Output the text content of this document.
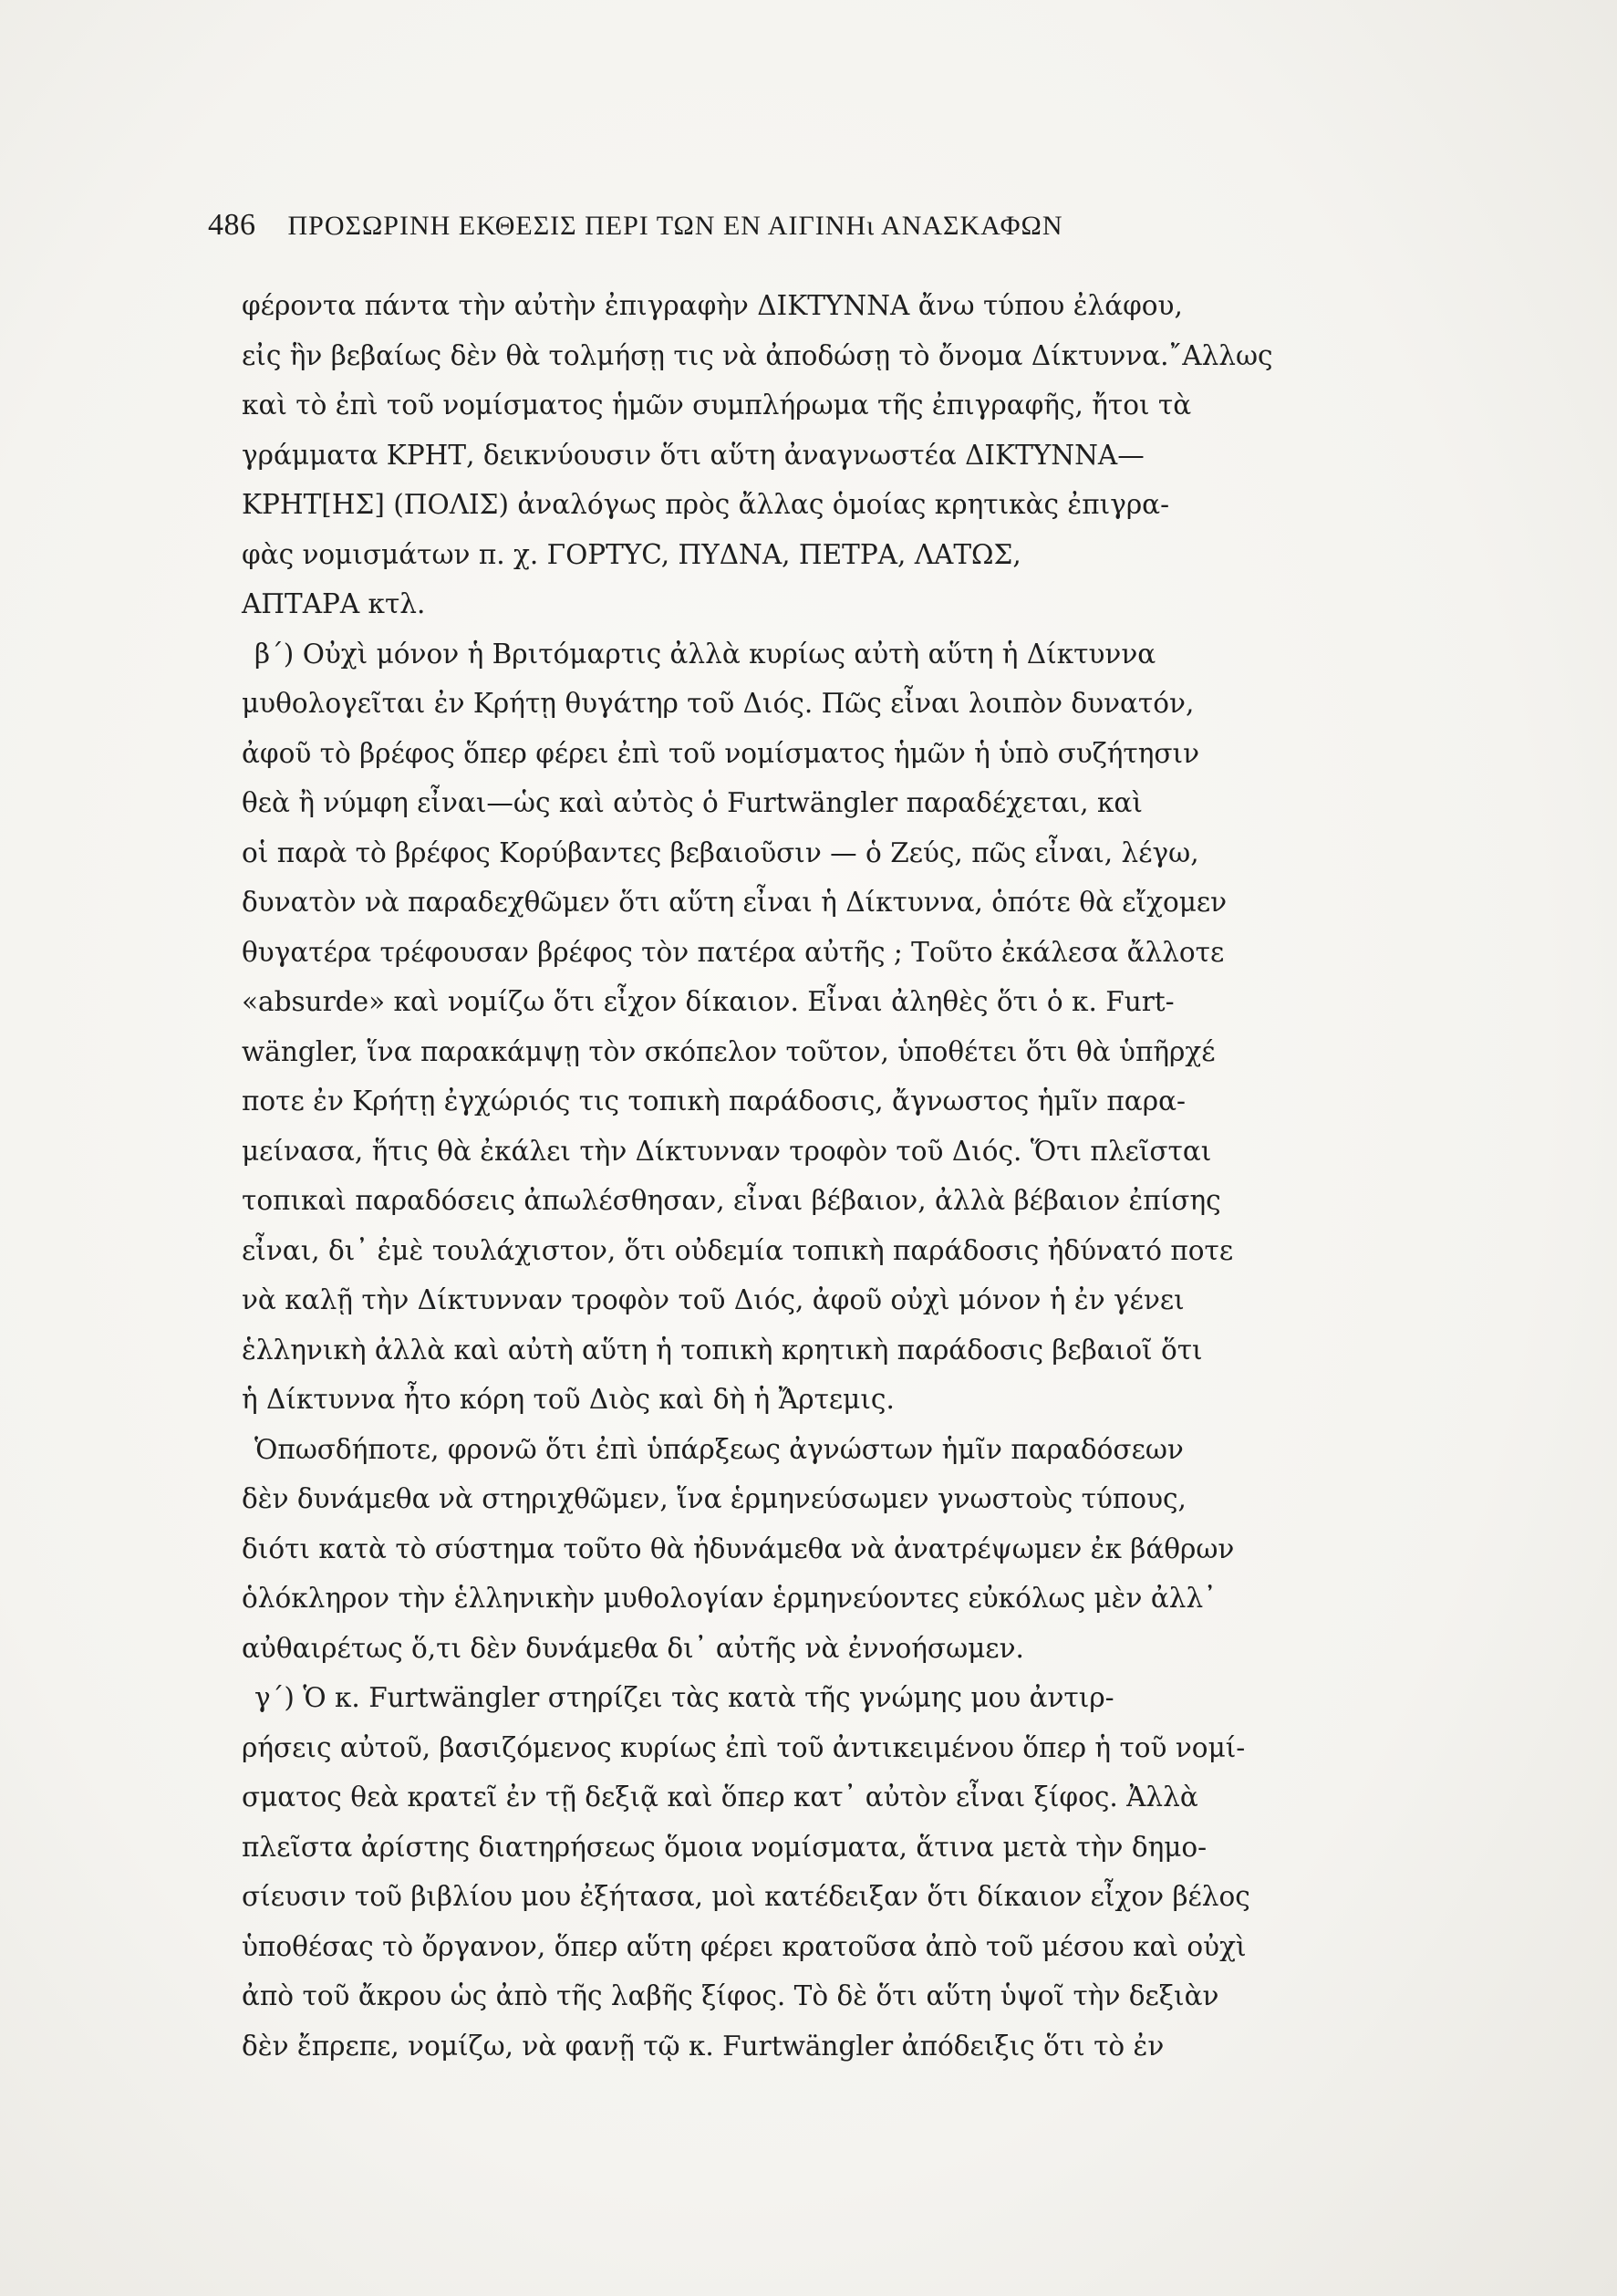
486 ΠΡΟΣΩΡΙΝΗ ΕΚΘΕΣΙΣ ΠΕΡΙ ΤΩΝ ΕΝ ΑΙΓΙΝΗι ΑΝΑΣΚΑΦΩΝ
φέροντα πάντα τὴν αὐτὴν ἐπιγραφὴν ΔΙΚΤΥΝΝΑ ἄνω τύπου ἐλάφου,
εἰς ἣν βεβαίως δὲν θὰ τολμήσῃ τις νὰ ἀποδώσῃ τὸ ὄνομα Δίκτυννα.῎Αλλως
καὶ τὸ ἐπὶ τοῦ νομίσματος ἡμῶν συμπλήρωμα τῆς ἐπιγραφῆς, ἤτοι τὰ
γράμματα ΚΡΗΤ, δεικνύουσιν ὅτι αὕτη ἀναγνωστέα ΔΙΚΤΥΝΝΑ—
ΚΡΗΤ[ΗΣ] (ΠΟΛΙΣ) ἀναλόγως πρὸς ἄλλας ὁμοίας κρητικὰς ἐπιγρα-
φὰς νομισμάτων π. χ. ΓΟΡΤΥC, ΠΥΔΝΑ, ΠΕΤΡΑ, ΛΑΤΩΣ,
ΑΠΤΑΡΑ κτλ.
β´) Οὐχὶ μόνον ἡ Βριτόμαρτις ἀλλὰ κυρίως αὐτὴ αὕτη ἡ Δίκτυννα
μυθολογεῖται ἐν Κρήτῃ θυγάτηρ τοῦ Διός. Πῶς εἶναι λοιπὸν δυνατόν,
ἀφοῦ τὸ βρέφος ὅπερ φέρει ἐπὶ τοῦ νομίσματος ἡμῶν ἡ ὑπὸ συζήτησιν
θεὰ ἢ νύμφη εἶναι—ὡς καὶ αὐτὸς ὁ Furtwängler παραδέχεται, καὶ
οἱ παρὰ τὸ βρέφος Κορύβαντες βεβαιοῦσιν — ὁ Ζεύς, πῶς εἶναι, λέγω,
δυνατὸν νὰ παραδεχθῶμεν ὅτι αὕτη εἶναι ἡ Δίκτυννα, ὁπότε θὰ εἴχομεν
θυγατέρα τρέφουσαν βρέφος τὸν πατέρα αὐτῆς ; Τοῦτο ἐκάλεσα ἄλλοτε
«absurde» καὶ νομίζω ὅτι εἶχον δίκαιον. Εἶναι ἀληθὲς ὅτι ὁ κ. Furt-
wängler, ἵνα παρακάμψῃ τὸν σκόπελον τοῦτον, ὑποθέτει ὅτι θὰ ὑπῆρχέ
ποτε ἐν Κρήτῃ ἐγχώριός τις τοπικὴ παράδοσις, ἄγνωστος ἡμῖν παρα-
μείνασα, ἥτις θὰ ἐκάλει τὴν Δίκτυνναν τροφὸν τοῦ Διός. Ὅτι πλεῖσται
τοπικαὶ παραδόσεις ἀπωλέσθησαν, εἶναι βέβαιον, ἀλλὰ βέβαιον ἐπίσης
εἶναι, δι᾽ ἐμὲ τουλάχιστον, ὅτι οὐδεμία τοπικὴ παράδοσις ἠδύνατό ποτε
νὰ καλῇ τὴν Δίκτυνναν τροφὸν τοῦ Διός, ἀφοῦ οὐχὶ μόνον ἡ ἐν γένει
ἑλληνικὴ ἀλλὰ καὶ αὐτὴ αὕτη ἡ τοπικὴ κρητικὴ παράδοσις βεβαιοῖ ὅτι
ἡ Δίκτυννα ἦτο κόρη τοῦ Διὸς καὶ δὴ ἡ Ἄρτεμις.
Ὁπωσδήποτε, φρονῶ ὅτι ἐπὶ ὑπάρξεως ἀγνώστων ἡμῖν παραδόσεων
δὲν δυνάμεθα νὰ στηριχθῶμεν, ἵνα ἑρμηνεύσωμεν γνωστοὺς τύπους,
διότι κατὰ τὸ σύστημα τοῦτο θὰ ἠδυνάμεθα νὰ ἀνατρέψωμεν ἐκ βάθρων
ὁλόκληρον τὴν ἑλληνικὴν μυθολογίαν ἑρμηνεύοντες εὐκόλως μὲν ἀλλ᾽
αὐθαιρέτως ὅ,τι δὲν δυνάμεθα δι᾽ αὐτῆς νὰ ἐννοήσωμεν.
γ´) Ὁ κ. Furtwängler στηρίζει τὰς κατὰ τῆς γνώμης μου ἀντιρ-
ρήσεις αὐτοῦ, βασιζόμενος κυρίως ἐπὶ τοῦ ἀντικειμένου ὅπερ ἡ τοῦ νομί-
σματος θεὰ κρατεῖ ἐν τῇ δεξιᾷ καὶ ὅπερ κατ᾽ αὐτὸν εἶναι ξίφος. Ἀλλὰ
πλεῖστα ἀρίστης διατηρήσεως ὅμοια νομίσματα, ἅτινα μετὰ τὴν δημο-
σίευσιν τοῦ βιβλίου μου ἐξήτασα, μοὶ κατέδειξαν ὅτι δίκαιον εἶχον βέλος
ὑποθέσας τὸ ὄργανον, ὅπερ αὕτη φέρει κρατοῦσα ἀπὸ τοῦ μέσου καὶ οὐχὶ
ἀπὸ τοῦ ἄκρου ὡς ἀπὸ τῆς λαβῆς ξίφος. Τὸ δὲ ὅτι αὕτη ὑψοῖ τὴν δεξιὰν
δὲν ἔπρεπε, νομίζω, νὰ φανῇ τῷ κ. Furtwängler ἀπόδειξις ὅτι τὸ ἐν
